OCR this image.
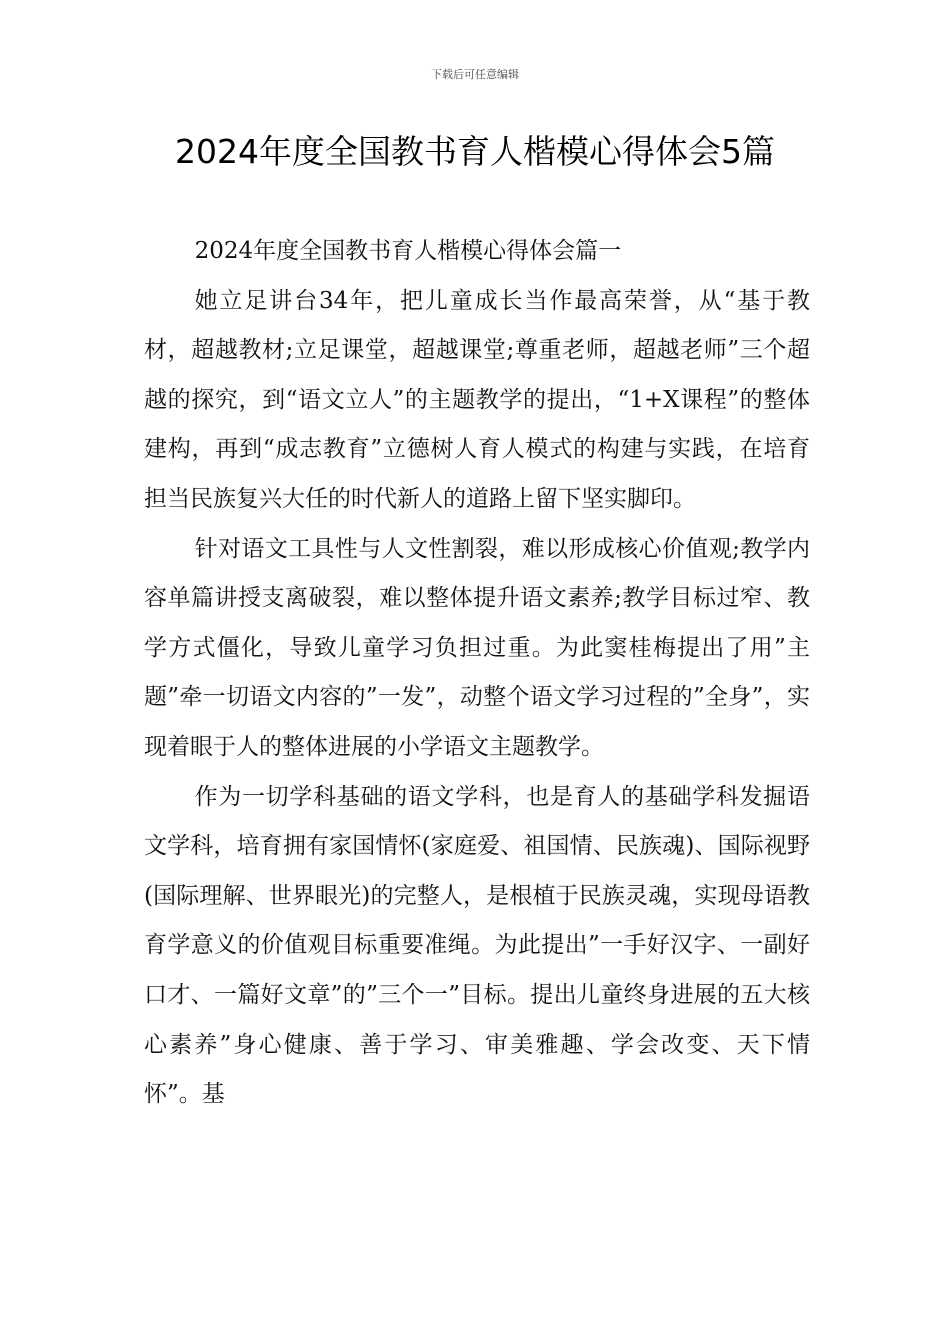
下载后可任意编辑
2024年度全国教书育人楷模心得体会5篇
2024年度全国教书育人楷模心得体会篇一

她立足讲台34年，把儿童成长当作最高荣誉，从“基于教材，超越教材;立足课堂，超越课堂;尊重老师，超越老师”三个超越的探究，到“语文立人”的主题教学的提出，“1+X课程”的整体建构，再到“成志教育”立德树人育人模式的构建与实践，在培育担当民族复兴大任的时代新人的道路上留下坚实脚印。

针对语文工具性与人文性割裂，难以形成核心价值观;教学内容单篇讲授支离破裂，难以整体提升语文素养;教学目标过窄、教学方式僵化，导致儿童学习负担过重。为此窦桂梅提出了用”主题”牵一切语文内容的”一发”，动整个语文学习过程的”全身”，实现着眼于人的整体进展的小学语文主题教学。

作为一切学科基础的语文学科，也是育人的基础学科发掘语文学科，培育拥有家国情怀(家庭爱、祖国情、民族魂)、国际视野(国际理解、世界眼光)的完整人，是根植于民族灵魂，实现母语教育学意义的价值观目标重要准绳。为此提出”一手好汉字、一副好口才、一篇好文章”的”三个一”目标。提出儿童终身进展的五大核心素养”身心健康、善于学习、审美雅趣、学会改变、天下情怀”。基
